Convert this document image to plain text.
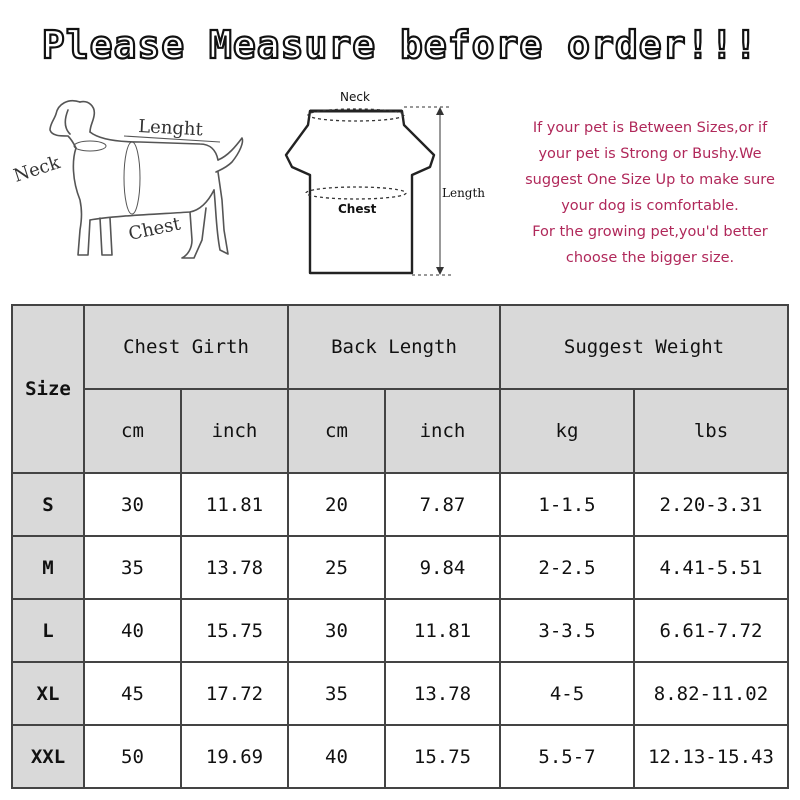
Please Measure before order!!!
Neck
Lenght
Chest
Neck
Chest
Length
If your pet is Between Sizes,or if
your pet is Strong or Bushy.We
suggest One Size Up to make sure
your dog is comfortable.
For the growing pet,you'd better
choose the bigger size.
Size	Chest Girth		Back Length		Suggest Weight	
	cm	inch	cm	inch	kg	lbs
S	30	11.81	20	7.87	1-1.5	2.20-3.31
M	35	13.78	25	9.84	2-2.5	4.41-5.51
L	40	15.75	30	11.81	3-3.5	6.61-7.72
XL	45	17.72	35	13.78	4-5	8.82-11.02
XXL	50	19.69	40	15.75	5.5-7	12.13-15.43
